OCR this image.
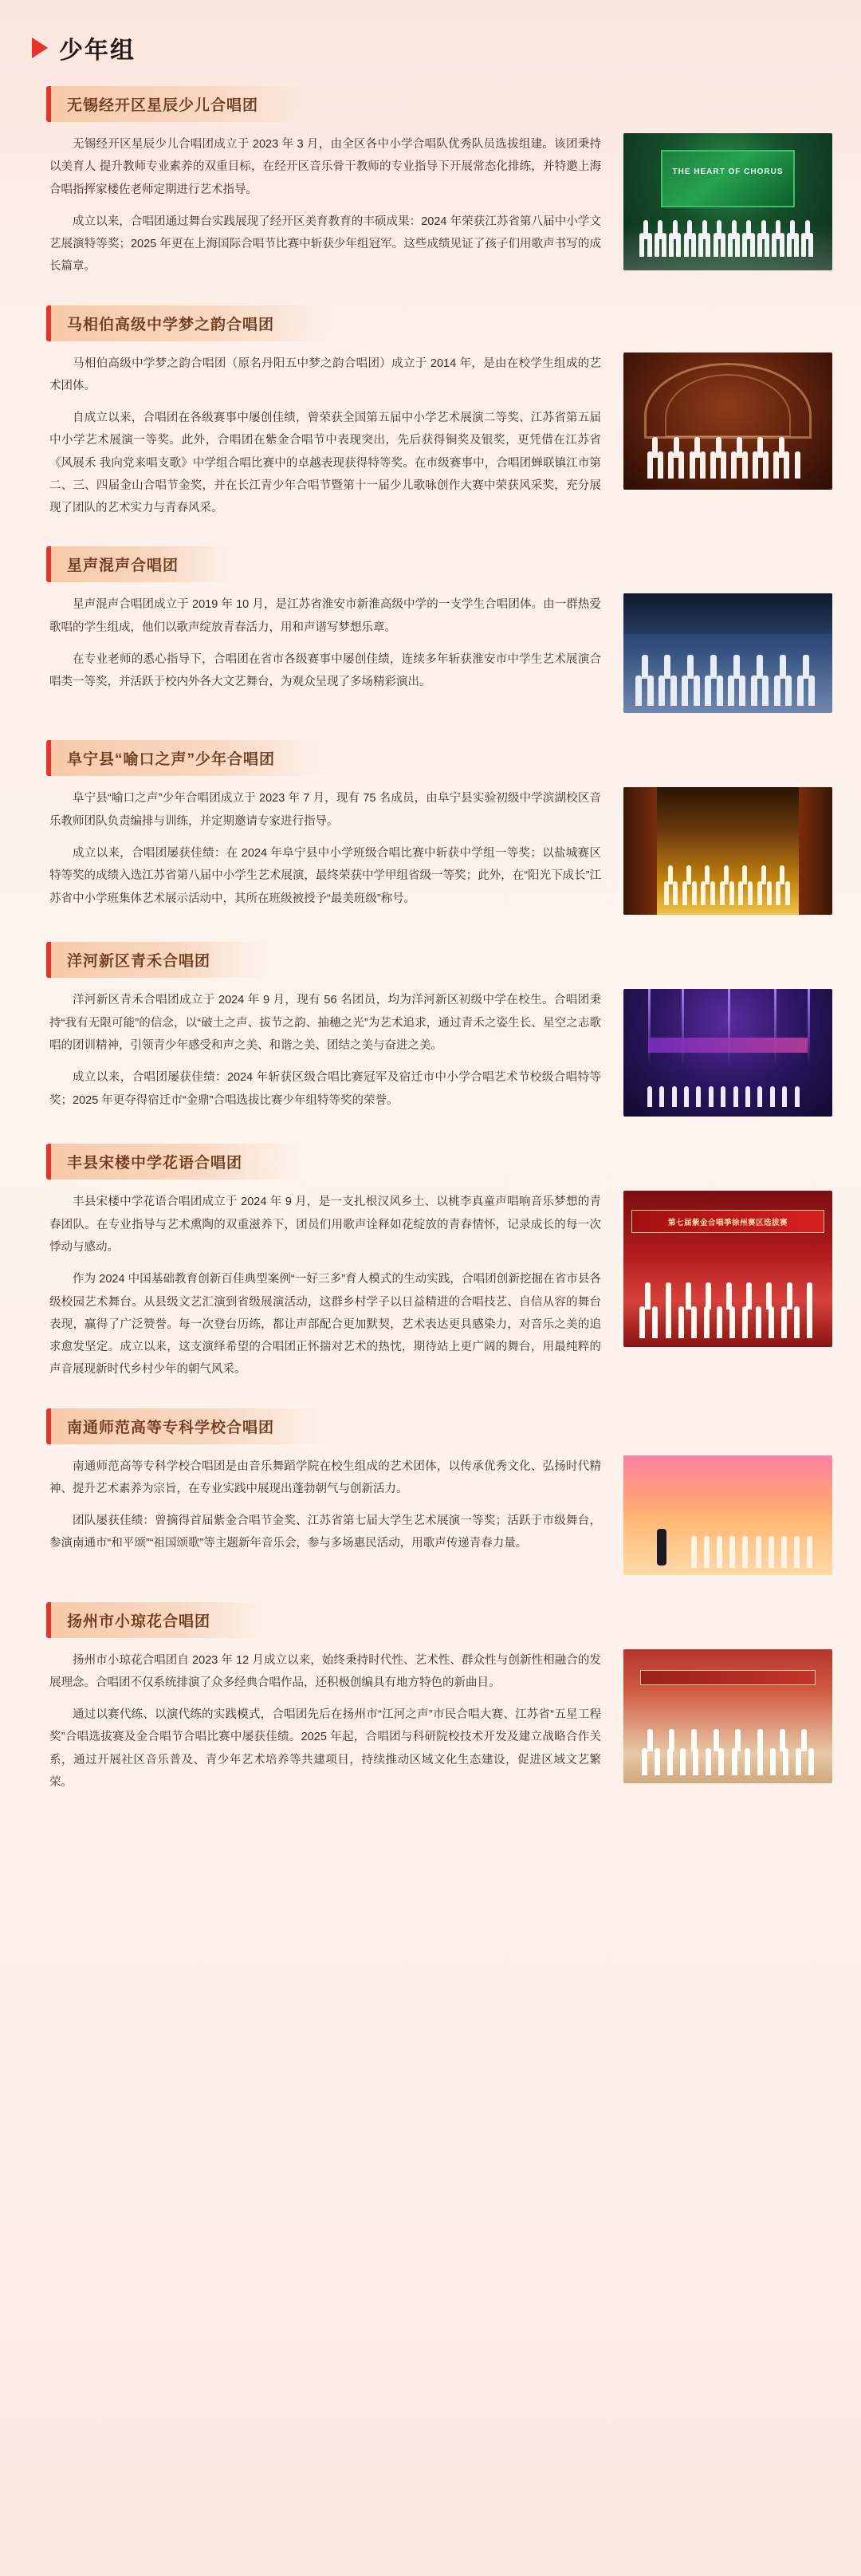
少年组
无锡经开区星辰少儿合唱团

无锡经开区星辰少儿合唱团成立于 2023 年 3 月，由全区各中小学合唱队优秀队员选拔组建。该团秉持以美育人 提升教师专业素养的双重目标，在经开区音乐骨干教师的专业指导下开展常态化排练，并特邀上海合唱指挥家楼佐老师定期进行艺术指导。

成立以来，合唱团通过舞台实践展现了经开区美育教育的丰硕成果：2024 年荣获江苏省第八届中小学文艺展演特等奖；2025 年更在上海国际合唱节比赛中斩获少年组冠军。这些成绩见证了孩子们用歌声书写的成长篇章。

THE HEART OF CHORUS
马相伯高级中学梦之韵合唱团

马相伯高级中学梦之韵合唱团（原名丹阳五中梦之韵合唱团）成立于 2014 年，是由在校学生组成的艺术团体。

自成立以来，合唱团在各级赛事中屡创佳绩，曾荣获全国第五届中小学艺术展演二等奖、江苏省第五届中小学艺术展演一等奖。此外，合唱团在紫金合唱节中表现突出，先后获得铜奖及银奖，更凭借在江苏省《风展禾 我向党来唱支歌》中学组合唱比赛中的卓越表现获得特等奖。在市级赛事中，合唱团蝉联镇江市第二、三、四届金山合唱节金奖，并在长江青少年合唱节暨第十一届少儿歌咏创作大赛中荣获风采奖，充分展现了团队的艺术实力与青春风采。

星声混声合唱团

星声混声合唱团成立于 2019 年 10 月，是江苏省淮安市新淮高级中学的一支学生合唱团体。由一群热爱歌唱的学生组成，他们以歌声绽放青春活力，用和声谱写梦想乐章。

在专业老师的悉心指导下，合唱团在省市各级赛事中屡创佳绩，连续多年斩获淮安市中学生艺术展演合唱类一等奖，并活跃于校内外各大文艺舞台，为观众呈现了多场精彩演出。

阜宁县“喻口之声”少年合唱团

阜宁县“喻口之声”少年合唱团成立于 2023 年 7 月，现有 75 名成员，由阜宁县实验初级中学滨湖校区音乐教师团队负责编排与训练，并定期邀请专家进行指导。

成立以来，合唱团屡获佳绩：在 2024 年阜宁县中小学班级合唱比赛中斩获中学组一等奖；以盐城赛区特等奖的成绩入选江苏省第八届中小学生艺术展演，最终荣获中学甲组省级一等奖；此外，在“阳光下成长”江苏省中小学班集体艺术展示活动中，其所在班级被授予“最美班级”称号。

洋河新区青禾合唱团

洋河新区青禾合唱团成立于 2024 年 9 月，现有 56 名团员，均为洋河新区初级中学在校生。合唱团秉持“我有无限可能”的信念，以“破土之声、拔节之韵、抽穗之光”为艺术追求，通过青禾之姿生长、星空之志歌唱的团训精神，引领青少年感受和声之美、和谐之美、团结之美与奋进之美。

成立以来，合唱团屡获佳绩：2024 年斩获区级合唱比赛冠军及宿迁市中小学合唱艺术节校级合唱特等奖；2025 年更夺得宿迁市“金鼎”合唱选拔比赛少年组特等奖的荣誉。

丰县宋楼中学花语合唱团

丰县宋楼中学花语合唱团成立于 2024 年 9 月，是一支扎根汉风乡土、以桃李真童声唱响音乐梦想的青春团队。在专业指导与艺术熏陶的双重滋养下，团员们用歌声诠释如花绽放的青春情怀，记录成长的每一次悸动与感动。

作为 2024 中国基础教育创新百佳典型案例“一好三多”育人模式的生动实践，合唱团创新挖掘在省市县各级校园艺术舞台。从县级文艺汇演到省级展演活动，这群乡村学子以日益精进的合唱技艺、自信从容的舞台表现，赢得了广泛赞誉。每一次登台历练，都让声部配合更加默契，艺术表达更具感染力，对音乐之美的追求愈发坚定。成立以来，这支演绎希望的合唱团正怀揣对艺术的热忱，期待站上更广阔的舞台，用最纯粹的声音展现新时代乡村少年的朝气风采。

第七届紫金合唱季徐州赛区选拔赛
南通师范高等专科学校合唱团

南通师范高等专科学校合唱团是由音乐舞蹈学院在校生组成的艺术团体，以传承优秀文化、弘扬时代精神、提升艺术素养为宗旨，在专业实践中展现出蓬勃朝气与创新活力。

团队屡获佳绩：曾摘得首届紫金合唱节金奖、江苏省第七届大学生艺术展演一等奖；活跃于市级舞台，参演南通市“和平颂”“祖国颂歌”等主题新年音乐会，参与多场惠民活动，用歌声传递青春力量。

扬州市小琼花合唱团

扬州市小琼花合唱团自 2023 年 12 月成立以来，始终秉持时代性、艺术性、群众性与创新性相融合的发展理念。合唱团不仅系统排演了众多经典合唱作品，还积极创编具有地方特色的新曲目。

通过以赛代练、以演代练的实践模式，合唱团先后在扬州市“江河之声”市民合唱大赛、江苏省“五星工程奖”合唱选拔赛及金合唱节合唱比赛中屡获佳绩。2025 年起，合唱团与科研院校技术开发及建立战略合作关系，通过开展社区音乐普及、青少年艺术培养等共建项目，持续推动区域文化生态建设，促进区域文艺繁荣。
